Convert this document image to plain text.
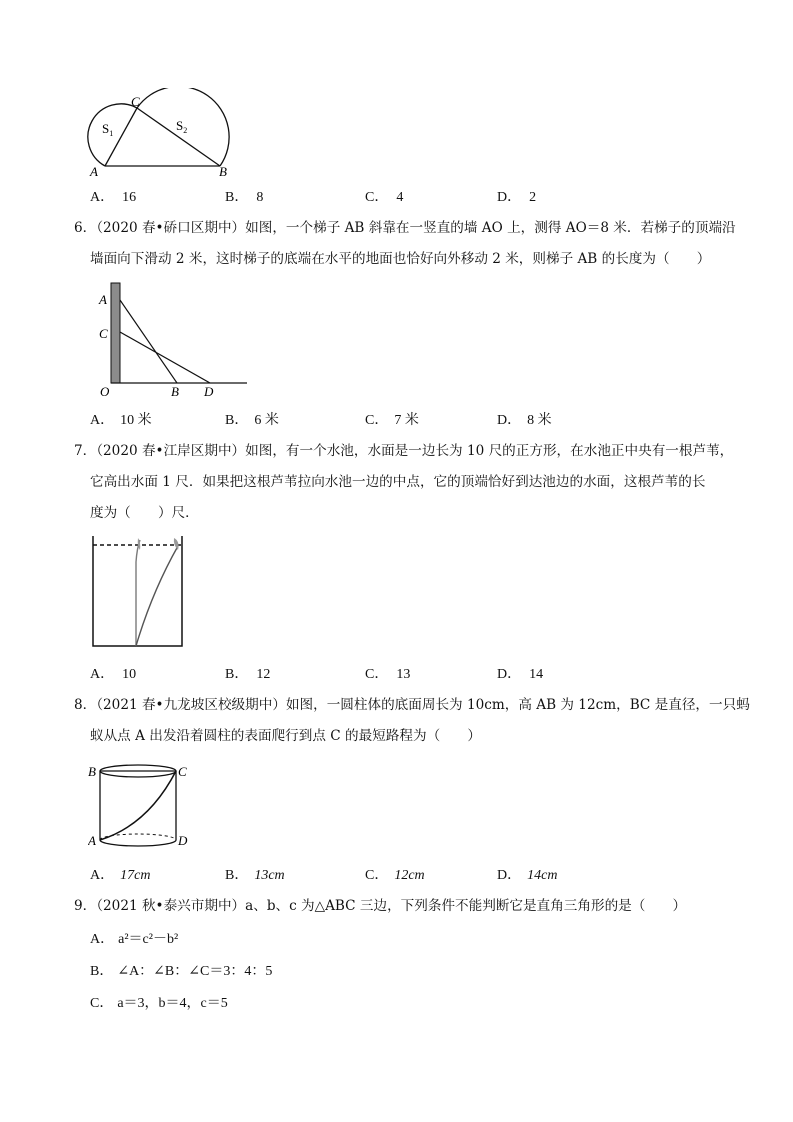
C
A	B
$S_1$
$S_2$
A． 16	B． 8	C． 4	D． 2
6．（2020 春•硚口区期中）如图，一个梯子 AB 斜靠在一竖直的墙 AO 上，测得 AO＝8 米．若梯子的顶端沿
墙面向下滑动 2 米，这时梯子的底端在水平的地面也恰好向外移动 2 米，则梯子 AB 的长度为（　　）
A
C
O	B D
A． 10 米	B． 6 米	C． 7 米	D． 8 米
7．（2020 春•江岸区期中）如图，有一个水池，水面是一边长为 10 尺的正方形，在水池正中央有一根芦苇，
它高出水面 1 尺．如果把这根芦苇拉向水池一边的中点，它的顶端恰好到达池边的水面，这根芦苇的长
度为（　　）尺．
A． 10	B． 12	C． 13	D． 14
8．（2021 春•九龙坡区校级期中）如图，一圆柱体的底面周长为 10cm，高 AB 为 12cm，BC 是直径，一只蚂
蚁从点 A 出发沿着圆柱的表面爬行到点 C 的最短路程为（　　）
B	C
A	D
A． 17cm	B． 13cm	C． 12cm	D． 14cm
9．（2021 秋•泰兴市期中）a、b、c 为△ABC 三边，下列条件不能判断它是直角三角形的是（　　）
A． a²＝c²－b²
B． ∠A：∠B：∠C＝3：4：5
C． a＝3，b＝4，c＝5
